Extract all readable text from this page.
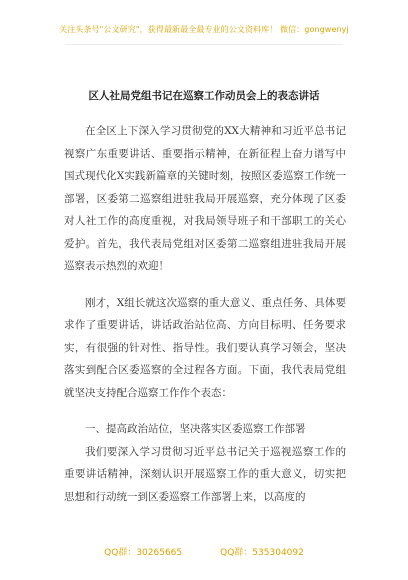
关注头条号"公文研究"，获得最新最全最专业的公文资料库！ 微信：gongwenyj
区人社局党组书记在巡察工作动员会上的表态讲话

在全区上下深入学习贯彻党的XX大精神和习近平总书记视察广东重要讲话、重要指示精神，在新征程上奋力谱写中国式现代化X实践新篇章的关键时刻，按照区委巡察工作统一部署，区委第二巡察组进驻我局开展巡察，充分体现了区委对人社工作的高度重视，对我局领导班子和干部职工的关心爱护。首先，我代表局党组对区委第二巡察组进驻我局开展巡察表示热烈的欢迎！

刚才，X组长就这次巡察的重大意义、重点任务、具体要求作了重要讲话，讲话政治站位高、方向目标明、任务要求实，有很强的针对性、指导性。我们要认真学习领会，坚决落实到配合区委巡察的全过程各方面。下面，我代表局党组就坚决支持配合巡察工作作个表态：

一、提高政治站位，坚决落实区委巡察工作部署

我们要深入学习贯彻习近平总书记关于巡视巡察工作的重要讲话精神，深刻认识开展巡察工作的重大意义，切实把思想和行动统一到区委巡察工作部署上来，以高度的

QQ群：30265665	QQ群：535304092
